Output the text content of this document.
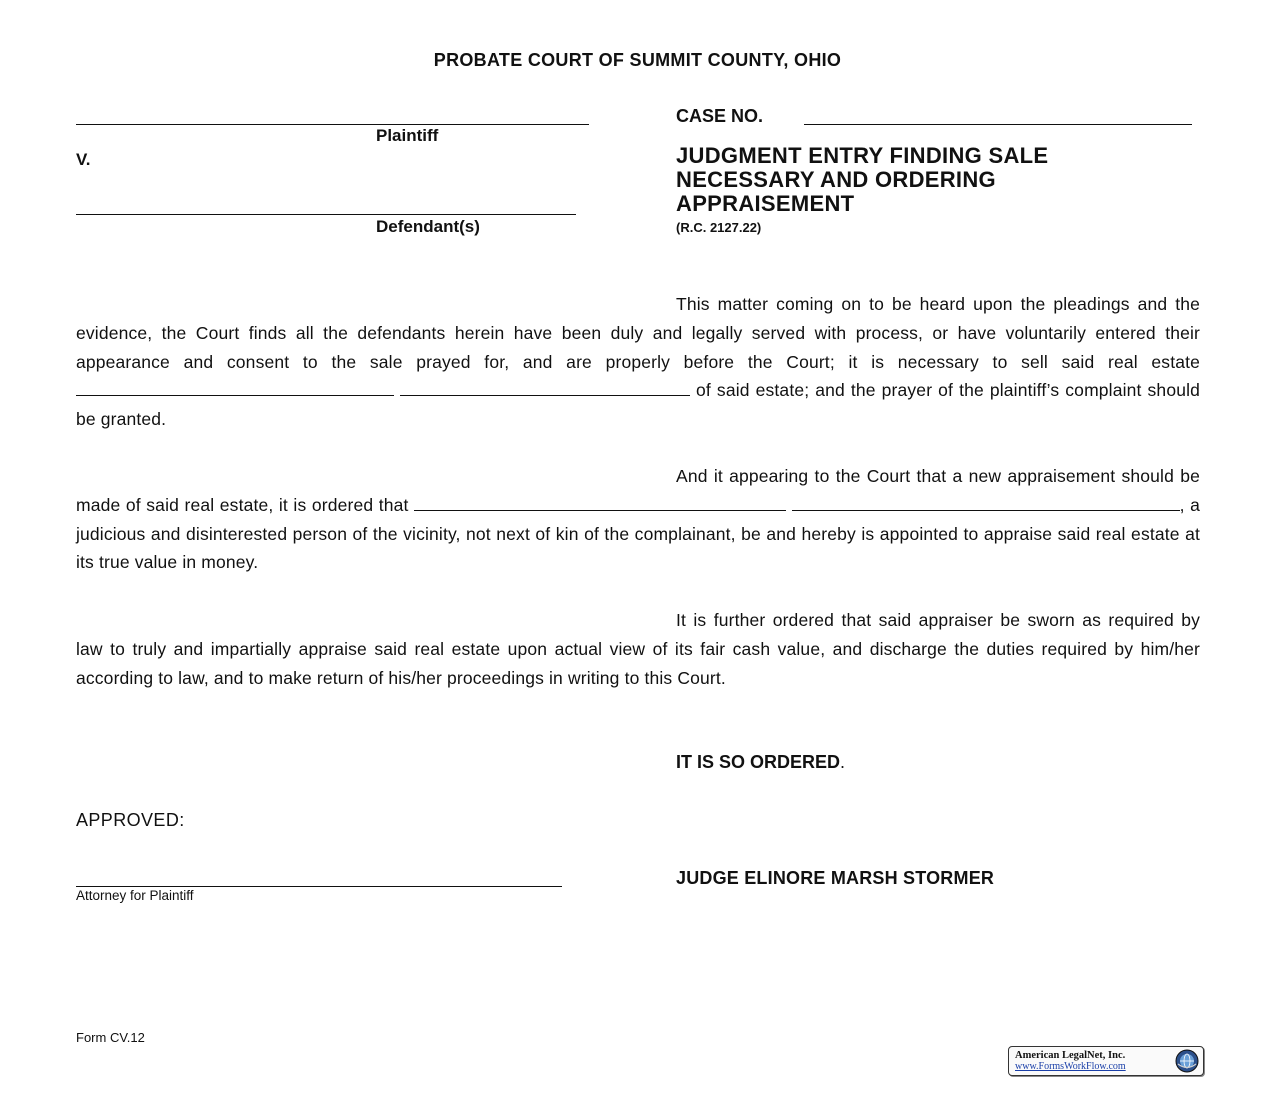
PROBATE COURT OF SUMMIT COUNTY, OHIO
Plaintiff
V.
Defendant(s)
CASE NO.
JUDGMENT ENTRY FINDING SALE
NECESSARY AND ORDERING
APPRAISEMENT
(R.C. 2127.22)

This matter coming on to be heard upon the pleadings and the evidence, the Court finds all the defendants herein have been duly and legally served with process, or have voluntarily entered their appearance and consent to the sale prayed for, and are properly before the Court; it is necessary to sell said real estate   of said estate; and the prayer of the plaintiff’s complaint should be granted.

And it appearing to the Court that a new appraisement should be made of said real estate, it is ordered that	, a judicious and disinterested person of the vicinity, not next of kin of the complainant, be and hereby is appointed to appraise said real estate at its true value in money.

It is further ordered that said appraiser be sworn as required by law to truly and impartially appraise said real estate upon actual view of its fair cash value, and discharge the duties required by him/her according to law, and to make return of his/her proceedings in writing to this Court.

IT IS SO ORDERED.
APPROVED:
Attorney for Plaintiff
JUDGE ELINORE MARSH STORMER
Form CV.12
American LegalNet, Inc.
www.FormsWorkFlow.com
